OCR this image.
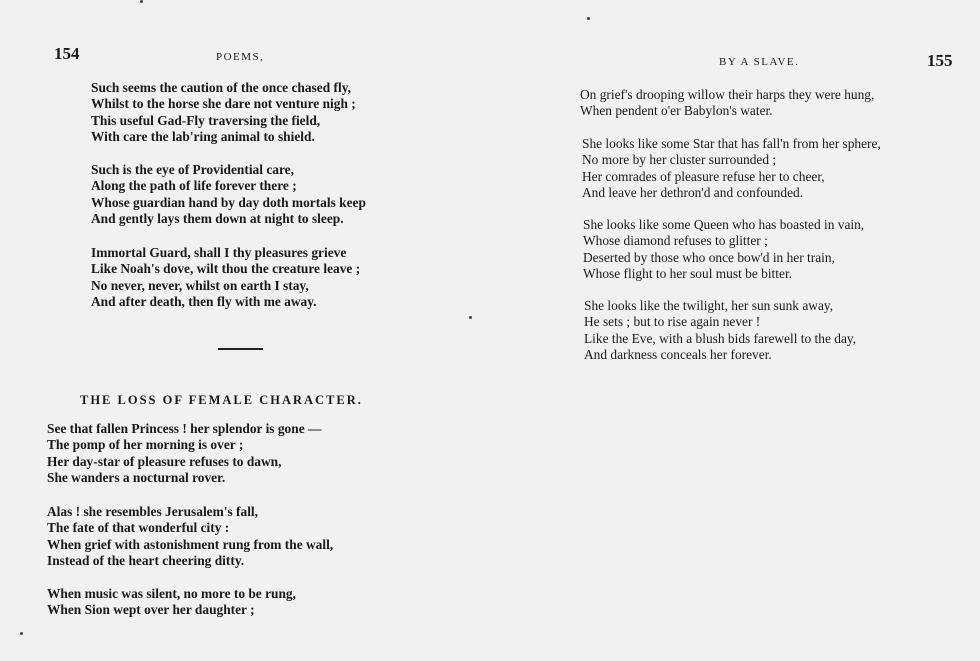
154	POEMS,
Such seems the caution of the once chased fly,
Whilst to the horse she dare not venture nigh ;
This useful Gad-Fly traversing the field,
With care the lab'ring animal to shield.
Such is the eye of Providential care,
Along the path of life forever there ;
Whose guardian hand by day doth mortals keep
And gently lays them down at night to sleep.
Immortal Guard, shall I thy pleasures grieve
Like Noah's dove, wilt thou the creature leave ;
No never, never, whilst on earth I stay,
And after death, then fly with me away.
THE LOSS OF FEMALE CHARACTER.
See that fallen Princess ! her splendor is gone —
The pomp of her morning is over ;
Her day-star of pleasure refuses to dawn,
She wanders a nocturnal rover.
Alas ! she resembles Jerusalem's fall,
The fate of that wonderful city :
When grief with astonishment rung from the wall,
Instead of the heart cheering ditty.
When music was silent, no more to be rung,
When Sion wept over her daughter ;
BY A SLAVE.	155
On grief's drooping willow their harps they were hung,
When pendent o'er Babylon's water.
She looks like some Star that has fall'n from her sphere,
No more by her cluster surrounded ;
Her comrades of pleasure refuse her to cheer,
And leave her dethron'd and confounded.
She looks like some Queen who has boasted in vain,
Whose diamond refuses to glitter ;
Deserted by those who once bow'd in her train,
Whose flight to her soul must be bitter.
She looks like the twilight, her sun sunk away,
He sets ; but to rise again never !
Like the Eve, with a blush bids farewell to the day,
And darkness conceals her forever.
